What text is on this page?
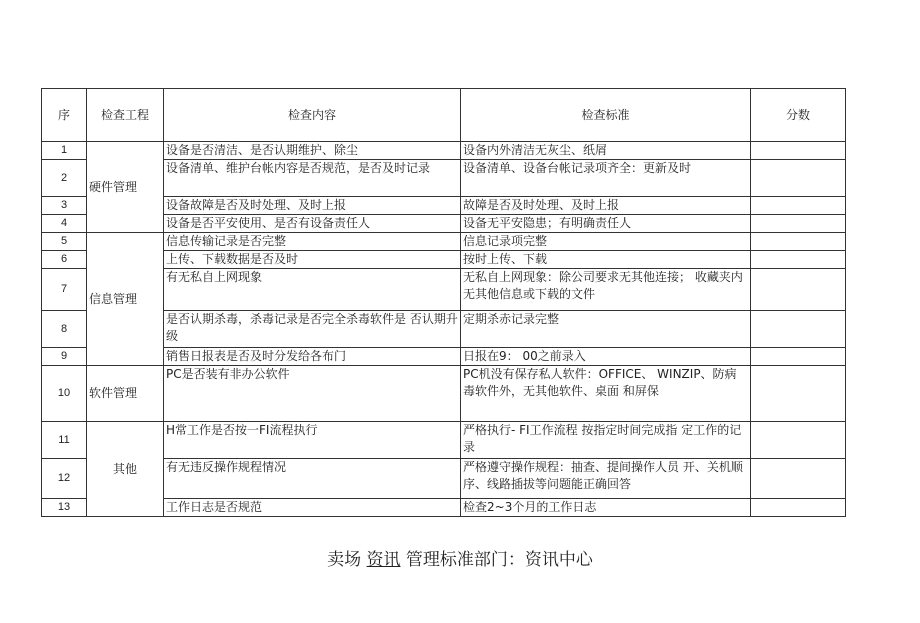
序	检查工程	检查内容	检查标准	分数
1	硬件管理	设备是否清洁、是否认期维护、除尘	设备内外清洁无灰尘、纸屑	
2		设备清单、维护台帐内容是否规范，是否及时记录	设备清单、设备台帐记录项齐全：更新及时	
3		设备故障是否及时处理、及时上报	故障是否及时处理、及时上报	
4		设备是否平安使用、是否有设备责任人	设备无平安隐患；有明确责任人	
5	信息管理	信息传输记录是否完整	信息记录项完整	
6		上传、下载数据是否及时	按时上传、下载	
7		有无私自上网现象	无私自上网现象：除公司要求无其他连接； 收藏夹内无其他信息或下载的文件	
8		是否认期杀毒，杀毒记录是否完全杀毒软件是 否认期升级	定期杀赤记录完整	
9		销售日报表是否及时分发给各布门	日报在9： 00之前录入	
10	软件管理	PC是否装有非办公软件	PC机没有保存私人软件：OFFICE、 WINZIP、防病毒软件外，无其他软件、桌面 和屏保	
11	其他	H常工作是否按一FI流程执行	严格执行- FI工作流程 按指定时间完成指 定工作的记录	
12		有无违反操作规程情况	严格遵守操作规程：抽查、提间操作人员 开、关机顺序、线路插拔等问题能正确回答	
13		工作日志是否规范	检查2~3个月的工作日志	
卖场 资讯 管理标准部门：资讯中心
